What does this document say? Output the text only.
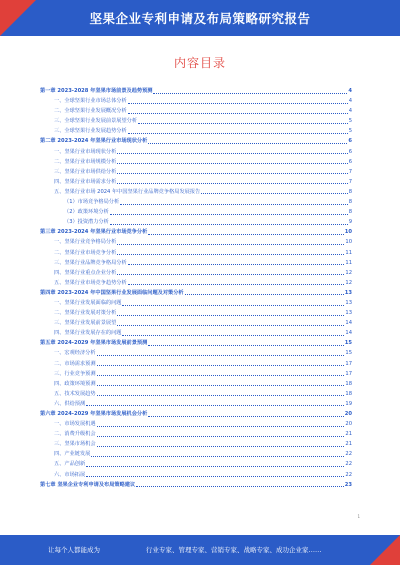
坚果企业专利申请及布局策略研究报告
内容目录
第一章 2023-2028 年坚果市场前景及趋势预测	4
一、全球坚果行业市场总体分析	4
二、全球坚果行业发展概况分析	4
三、全球坚果行业发展前景展望分析	5
三、全球坚果行业发展趋势分析	5
第二章 2023-2024 年坚果行业市场现状分析	6
一、坚果行业市场现状分析	6
二、坚果行业市场规模分析	6
三、坚果行业市场供给分析	7
四、坚果行业市场需求分析	7
五、坚果行业市场 2024 年中国坚果行业品牌竞争格局发展报告	8
（1）市场竞争格局分析	8
（2）政策环境分析	8
（3）投资潜力分析	9
第三章 2023-2024 年坚果行业市场竞争分析	10
一、坚果行业竞争格局分析	10
二、坚果行业市场竞争分析	11
三、坚果行业品牌竞争格局分析	11
四、坚果行业重点企业分析	12
五、坚果行业市场竞争趋势分析	12
第四章 2023-2024 年中国坚果行业发展面临问题及对策分析	13
一、坚果行业发展面临的问题	13
二、坚果行业发展对策分析	13
三、坚果行业发展前景展望	14
四、坚果行业发展存在的问题	14
第五章 2024-2029 年坚果市场发展前景预测	15
一、宏观经济分析	15
二、市场需求预测	17
三、行业竞争预测	17
四、政策环境预测	18
五、技术发展趋势	18
六、供给预测	19
第六章 2024-2029 年坚果市场发展机会分析	20
一、市场发展机遇	20
二、消费升级机会	21
三、坚果市场机会	21
四、产业链发展	22
五、产品创新	22
六、市场拓展	22
第七章 坚果企业专利申请及布局策略建议	23
1
让每个人都能成为	行业专家、管理专家、营销专家、战略专家、成功企业家……
